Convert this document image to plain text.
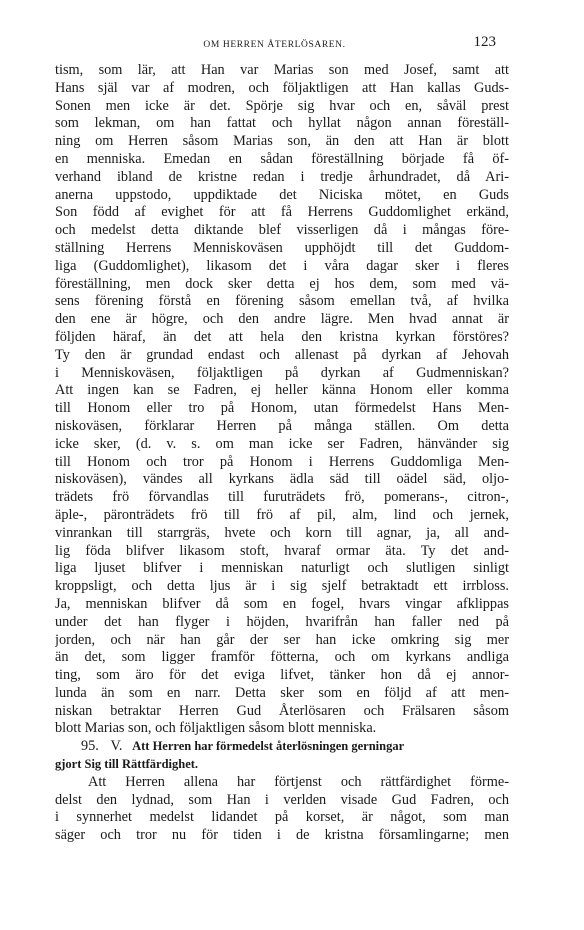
OM HERREN ÅTERLÖSAREN.	123
tism, som lär, att Han var Marias son med Josef, samt att
Hans själ var af modren, och följaktligen att Han kallas Guds-
Sonen men icke är det. Spörje sig hvar och en, såväl prest
som lekman, om han fattat och hyllat någon annan föreställ-
ning om Herren såsom Marias son, än den att Han är blott
en menniska. Emedan en sådan föreställning började få öf-
verhand ibland de kristne redan i tredje århundradet, då Ari-
anerna uppstodo, uppdiktade det Niciska mötet, en Guds
Son född af evighet för att få Herrens Guddomlighet erkänd,
och medelst detta diktande blef visserligen då i mångas före-
ställning Herrens Menniskoväsen upphöjdt till det Guddom-
liga (Guddomlighet), likasom det i våra dagar sker i fleres
föreställning, men dock sker detta ej hos dem, som med vä-
sens förening förstå en förening såsom emellan två, af hvilka
den ene är högre, och den andre lägre. Men hvad annat är
följden häraf, än det att hela den kristna kyrkan förstöres?
Ty den är grundad endast och allenast på dyrkan af Jehovah
i Menniskoväsen, följaktligen på dyrkan af Gudmenniskan?
Att ingen kan se Fadren, ej heller känna Honom eller komma
till Honom eller tro på Honom, utan förmedelst Hans Men-
niskoväsen, förklarar Herren på många ställen. Om detta
icke sker, (d. v. s. om man icke ser Fadren, hänvänder sig
till Honom och tror på Honom i Herrens Guddomliga Men-
niskoväsen), vändes all kyrkans ädla säd till oädel säd, oljo-
trädets frö förvandlas till furuträdets frö, pomerans-, citron-,
äple-, päronträdets frö till frö af pil, alm, lind och jernek,
vinrankan till starrgräs, hvete och korn till agnar, ja, all and-
lig föda blifver likasom stoft, hvaraf ormar äta. Ty det and-
liga ljuset blifver i menniskan naturligt och slutligen sinligt
kroppsligt, och detta ljus är i sig sjelf betraktadt ett irrbloss.
Ja, menniskan blifver då som en fogel, hvars vingar afklippas
under det han flyger i höjden, hvarifrån han faller ned på
jorden, och när han går der ser han icke omkring sig mer
än det, som ligger framför fötterna, och om kyrkans andliga
ting, som äro för det eviga lifvet, tänker hon då ej annor-
lunda än som en narr. Detta sker som en följd af att men-
niskan betraktar Herren Gud Återlösaren och Frälsaren såsom
blott Marias son, och följaktligen såsom blott menniska.
95. V. Att Herren har förmedelst återlösningen gerningar
gjort Sig till Rättfärdighet.
Att Herren allena har förtjenst och rättfärdighet förme-
delst den lydnad, som Han i verlden visade Gud Fadren, och
i synnerhet medelst lidandet på korset, är något, som man
säger och tror nu för tiden i de kristna församlingarne; men
